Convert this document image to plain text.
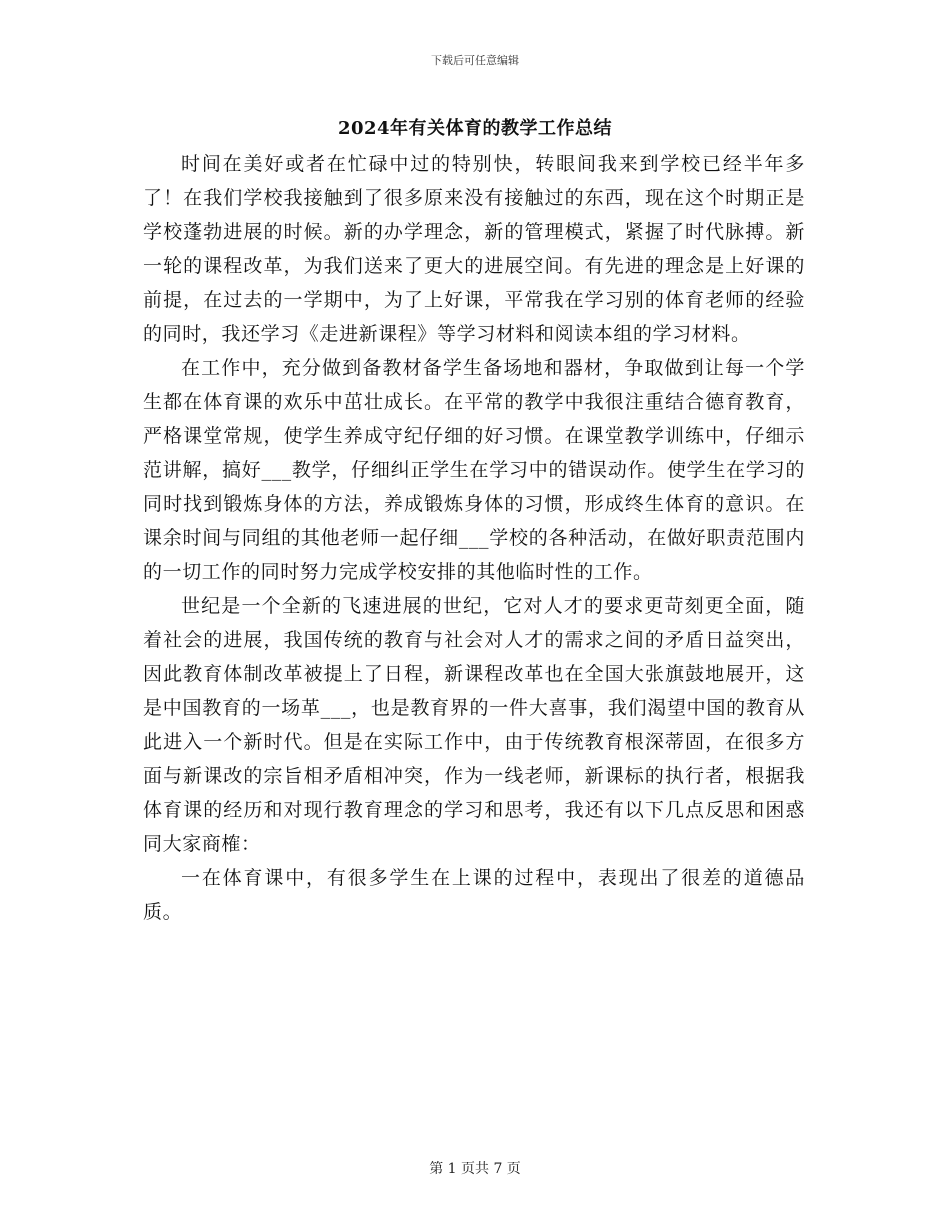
下载后可任意编辑
2024年有关体育的教学工作总结

时间在美好或者在忙碌中过的特别快，转眼间我来到学校已经半年多了！在我们学校我接触到了很多原来没有接触过的东西，现在这个时期正是学校蓬勃进展的时候。新的办学理念，新的管理模式，紧握了时代脉搏。新一轮的课程改革，为我们送来了更大的进展空间。有先进的理念是上好课的前提，在过去的一学期中，为了上好课，平常我在学习别的体育老师的经验的同时，我还学习《走进新课程》等学习材料和阅读本组的学习材料。

在工作中，充分做到备教材备学生备场地和器材，争取做到让每一个学生都在体育课的欢乐中茁壮成长。在平常的教学中我很注重结合德育教育，严格课堂常规，使学生养成守纪仔细的好习惯。在课堂教学训练中，仔细示范讲解，搞好___教学，仔细纠正学生在学习中的错误动作。使学生在学习的同时找到锻炼身体的方法，养成锻炼身体的习惯，形成终生体育的意识。在课余时间与同组的其他老师一起仔细___学校的各种活动，在做好职责范围内的一切工作的同时努力完成学校安排的其他临时性的工作。

世纪是一个全新的飞速进展的世纪，它对人才的要求更苛刻更全面，随着社会的进展，我国传统的教育与社会对人才的需求之间的矛盾日益突出，因此教育体制改革被提上了日程，新课程改革也在全国大张旗鼓地展开，这是中国教育的一场革___，也是教育界的一件大喜事，我们渴望中国的教育从此进入一个新时代。但是在实际工作中，由于传统教育根深蒂固，在很多方面与新课改的宗旨相矛盾相冲突，作为一线老师，新课标的执行者，根据我体育课的经历和对现行教育理念的学习和思考，我还有以下几点反思和困惑同大家商榷：

一在体育课中，有很多学生在上课的过程中，表现出了很差的道德品质。

第 1 页共 7 页
